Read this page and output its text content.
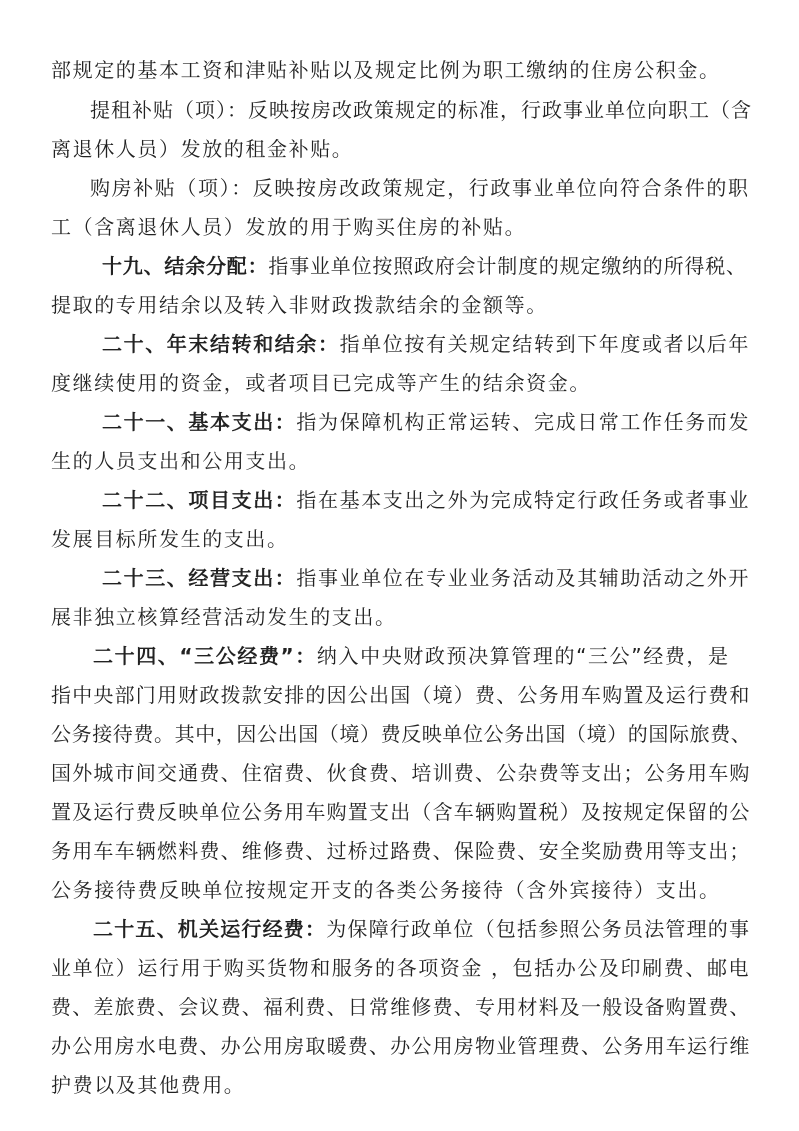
部规定的基本工资和津贴补贴以及规定比例为职工缴纳的住房公积金。
提租补贴（项）：反映按房改政策规定的标准，行政事业单位向职工（含
离退休人员）发放的租金补贴。
购房补贴（项）：反映按房改政策规定，行政事业单位向符合条件的职
工（含离退休人员）发放的用于购买住房的补贴。
十九、结余分配：指事业单位按照政府会计制度的规定缴纳的所得税、
提取的专用结余以及转入非财政拨款结余的金额等。
二十、年末结转和结余：指单位按有关规定结转到下年度或者以后年
度继续使用的资金，或者项目已完成等产生的结余资金。
二十一、基本支出：指为保障机构正常运转、完成日常工作任务而发
生的人员支出和公用支出。
二十二、项目支出：指在基本支出之外为完成特定行政任务或者事业
发展目标所发生的支出。
二十三、经营支出：指事业单位在专业业务活动及其辅助活动之外开
展非独立核算经营活动发生的支出。
二十四、“三公经费”：纳入中央财政预决算管理的“三公”经费，是
指中央部门用财政拨款安排的因公出国（境）费、公务用车购置及运行费和
公务接待费。其中，因公出国（境）费反映单位公务出国（境）的国际旅费、
国外城市间交通费、住宿费、伙食费、培训费、公杂费等支出；公务用车购
置及运行费反映单位公务用车购置支出（含车辆购置税）及按规定保留的公
务用车车辆燃料费、维修费、过桥过路费、保险费、安全奖励费用等支出；
公务接待费反映单位按规定开支的各类公务接待（含外宾接待）支出。
二十五、机关运行经费：为保障行政单位（包括参照公务员法管理的事
业单位）运行用于购买货物和服务的各项资金 ，包括办公及印刷费、邮电
费、差旅费、会议费、福利费、日常维修费、专用材料及一般设备购置费、
办公用房水电费、办公用房取暖费、办公用房物业管理费、公务用车运行维
护费以及其他费用。
